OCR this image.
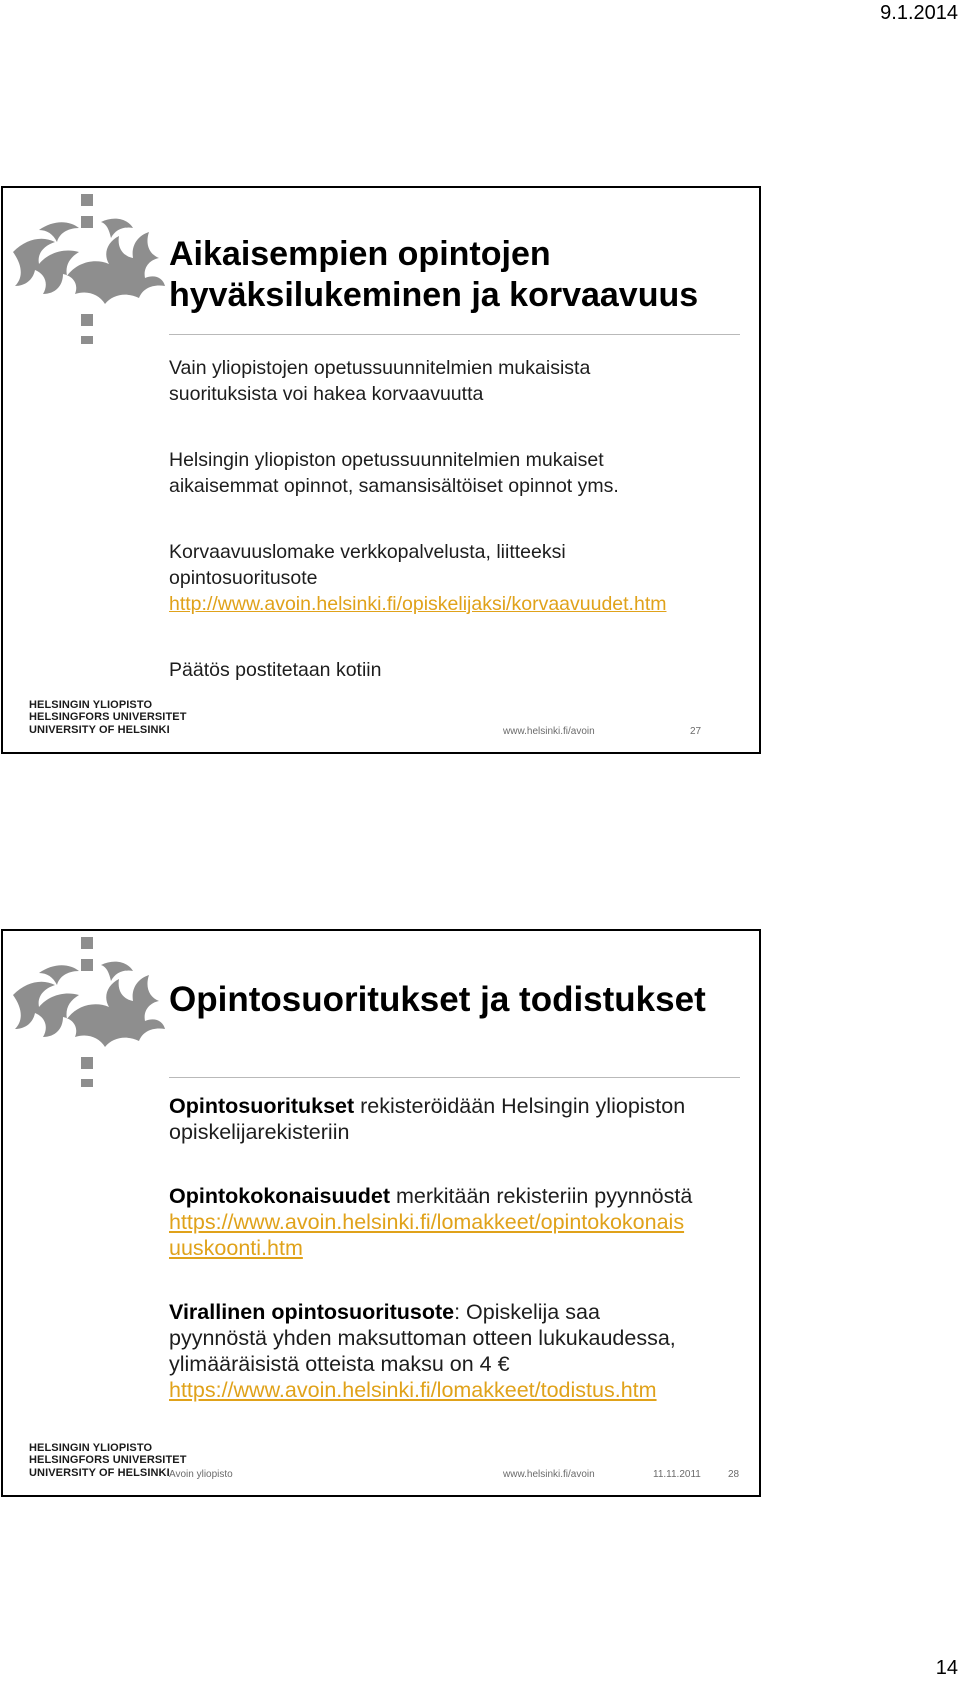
9.1.2014
Aikaisempien opintojen
hyväksilukeminen ja korvaavuus

Vain yliopistojen opetussuunnitelmien mukaisista
suorituksista voi hakea korvaavuutta

Helsingin yliopiston opetussuunnitelmien mukaiset
aikaisemmat opinnot, samansisältöiset opinnot yms.

Korvaavuuslomake verkkopalvelusta, liitteeksi
opintosuoritusote
http://www.avoin.helsinki.fi/opiskelijaksi/korvaavuudet.htm

Päätös postitetaan kotiin

HELSINGIN YLIOPISTO
HELSINGFORS UNIVERSITET
UNIVERSITY OF HELSINKI	www.helsinki.fi/avoin	27
Opintosuoritukset ja todistukset

Opintosuoritukset rekisteröidään Helsingin yliopiston
opiskelijarekisteriin

Opintokokonaisuudet merkitään rekisteriin pyynnöstä
https://www.avoin.helsinki.fi/lomakkeet/opintokokonais
uuskoonti.htm

Virallinen opintosuoritusote: Opiskelija saa
pyynnöstä yhden maksuttoman otteen lukukaudessa,
ylimääräisistä otteista maksu on 4 €
https://www.avoin.helsinki.fi/lomakkeet/todistus.htm

HELSINGIN YLIOPISTO
HELSINGFORS UNIVERSITET
UNIVERSITY OF HELSINKI Avoin yliopisto	www.helsinki.fi/avoin	11.11.2011	28
14
